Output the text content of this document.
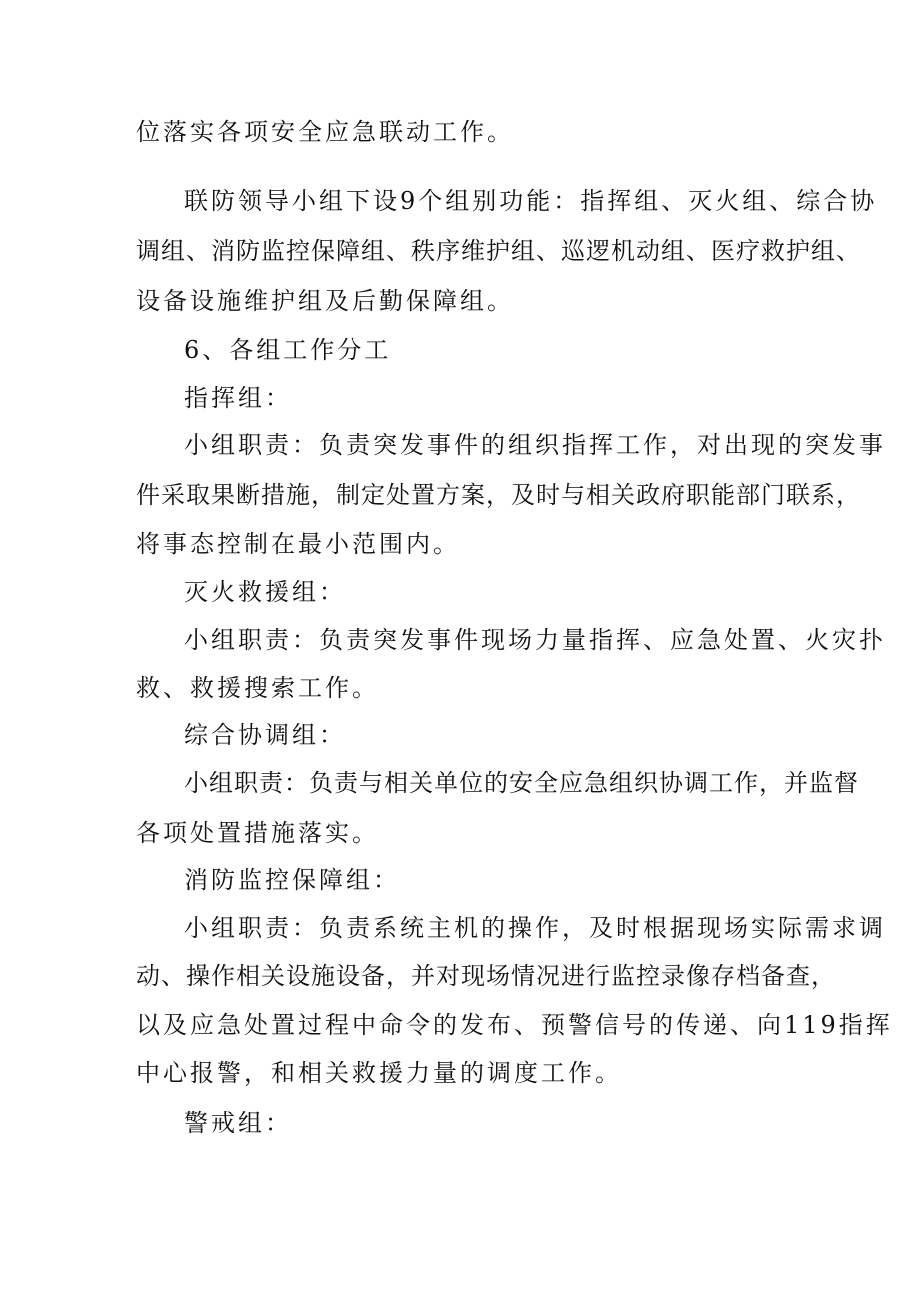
位落实各项安全应急联动工作。
联防领导小组下设9个组别功能：指挥组、灭火组、综合协
调组、消防监控保障组、秩序维护组、巡逻机动组、医疗救护组、
设备设施维护组及后勤保障组。
6、各组工作分工
指挥组：
小组职责：负责突发事件的组织指挥工作，对出现的突发事
件采取果断措施，制定处置方案，及时与相关政府职能部门联系，
将事态控制在最小范围内。
灭火救援组：
小组职责：负责突发事件现场力量指挥、应急处置、火灾扑
救、救援搜索工作。
综合协调组：
小组职责：负责与相关单位的安全应急组织协调工作，并监督
各项处置措施落实。
消防监控保障组：
小组职责：负责系统主机的操作，及时根据现场实际需求调
动、操作相关设施设备，并对现场情况进行监控录像存档备查，
以及应急处置过程中命令的发布、预警信号的传递、向119指挥
中心报警，和相关救援力量的调度工作。
警戒组：
